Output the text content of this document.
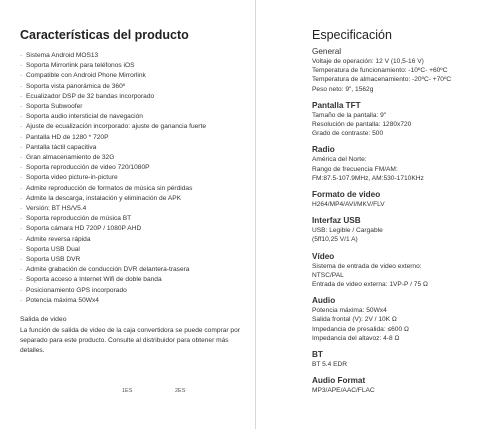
Características del producto
· Sistema Android MOS13
· Soporta Mirrorlink para teléfonos iOS
· Compatible con Android Phone Mirrorlink
· Soporta vista panorámica de 360º
· Ecualizador DSP de 32 bandas incorporado
· Soporta Subwoofer
· Soporta audio intersticial de navegación
· Ajuste de ecualización incorporado: ajuste de ganancia fuerte
· Pantalla HD de 1280 * 720P
· Pantalla táctil capacitiva
· Gran almacenamiento de 32G
· Soporta reproducción de video 720/1080P
· Soporta video picture-in-picture
· Admite reproducción de formatos de música sin pérdidas
· Admite la descarga, instalación y eliminación de APK
· Versión: BT HS/V5.4
· Soporta reproducción de música BT
· Soporta cámara HD 720P / 1080P AHD
· Admite reversa rápida
· Soporta USB Dual
· Soporta USB DVR
· Admite grabación de conducción DVR delantera-trasera
· Soporta acceso a Internet Wifi de doble banda
· Posicionamiento GPS incorporado
· Potencia máxima 50Wx4
Salida de video
La función de salida de video de la caja convertidora se puede comprar por separado para este producto. Consulte al distribuidor para obtener más detalles.
1ES
Especificación
General
Voltaje de operación: 12 V (10,5-16 V)
Temperatura de funcionamiento: -10ºC- +60ºC
Temperatura de almacenamiento: -20ºC- +70ºC
Peso neto: 9", 1562g
Pantalla TFT
Tamaño de la pantalla: 9"
Resolución de pantalla: 1280x720
Grado de contraste: 500
Radio
América del Norte:
Rango de frecuencia FM/AM:
FM:87.5-107.9MHz, AM:530-1710KHz
Formato de video
H264/MP4/AVI/MKV/FLV
Interfaz USB
USB: Legible / Cargable
(5ff10,25 V/1 A)
Vídeo
Sistema de entrada de video externo:
NTSC/PAL
Entrada de video externa: 1VP-P / 75 Ω
Audio
Potencia máxima: 50Wx4
Salida frontal (V): 2V / 10K Ω
Impedancia de presalida: ≤600 Ω
Impedancia del altavoz: 4-8 Ω
BT
BT 5.4 EDR
Audio Format
MP3/APE/AAC/FLAC
2ES
